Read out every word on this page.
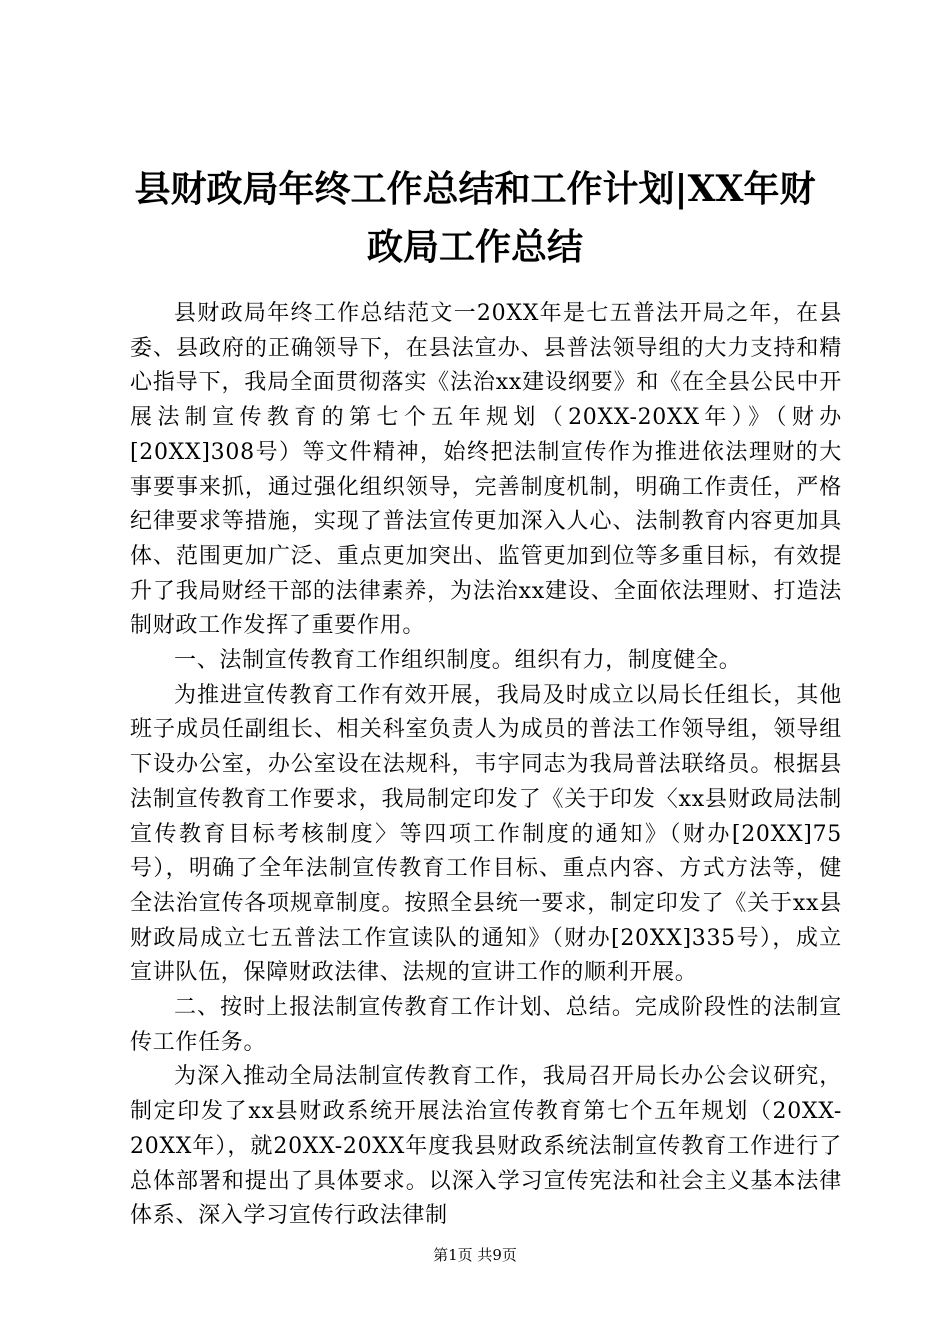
县财政局年终工作总结和工作计划|XX年财政局工作总结

县财政局年终工作总结范文一20XX年是七五普法开局之年，在县委、县政府的正确领导下，在县法宣办、县普法领导组的大力支持和精心指导下，我局全面贯彻落实《法治xx建设纲要》和《在全县公民中开展法制宣传教育的第七个五年规划（20XX-20XX年）》（财办[20XX]308号）等文件精神，始终把法制宣传作为推进依法理财的大事要事来抓，通过强化组织领导，完善制度机制，明确工作责任，严格纪律要求等措施，实现了普法宣传更加深入人心、法制教育内容更加具体、范围更加广泛、重点更加突出、监管更加到位等多重目标，有效提升了我局财经干部的法律素养，为法治xx建设、全面依法理财、打造法制财政工作发挥了重要作用。

一、法制宣传教育工作组织制度。组织有力，制度健全。

为推进宣传教育工作有效开展，我局及时成立以局长任组长，其他班子成员任副组长、相关科室负责人为成员的普法工作领导组，领导组下设办公室，办公室设在法规科，韦宇同志为我局普法联络员。根据县法制宣传教育工作要求，我局制定印发了《关于印发〈xx县财政局法制宣传教育目标考核制度〉等四项工作制度的通知》（财办[20XX]75号），明确了全年法制宣传教育工作目标、重点内容、方式方法等，健全法治宣传各项规章制度。按照全县统一要求，制定印发了《关于xx县财政局成立七五普法工作宣读队的通知》（财办[20XX]335号），成立宣讲队伍，保障财政法律、法规的宣讲工作的顺利开展。

二、按时上报法制宣传教育工作计划、总结。完成阶段性的法制宣传工作任务。

为深入推动全局法制宣传教育工作，我局召开局长办公会议研究，制定印发了xx县财政系统开展法治宣传教育第七个五年规划（20XX-20XX年），就20XX-20XX年度我县财政系统法制宣传教育工作进行了总体部署和提出了具体要求。以深入学习宣传宪法和社会主义基本法律体系、深入学习宣传行政法律制

第1页 共9页
